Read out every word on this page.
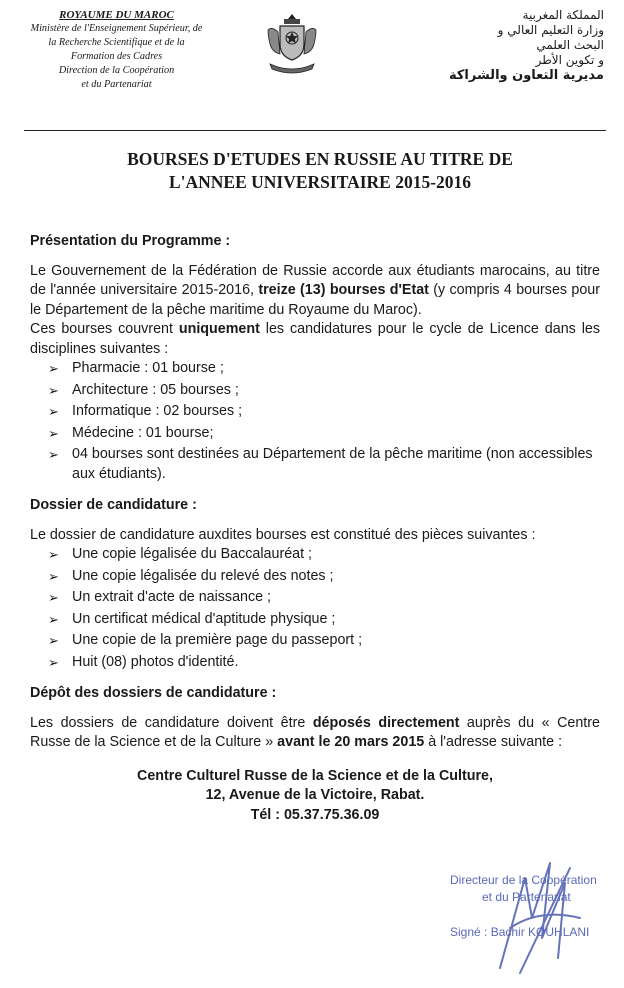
ROYAUME DU MAROC
Ministère de l'Enseignement Supérieur, de
la Recherche Scientifique et de la
Formation des Cadres
Direction de la Coopération
et du Partenariat
المملكة المغربية
وزارة التعليم العالي و
البحث العلمي
و تكوين الأطر
مديرية التعاون والشراكة
BOURSES D'ETUDES EN RUSSIE AU TITRE DE
L'ANNEE UNIVERSITAIRE 2015-2016

Présentation du Programme :

Le Gouvernement de la Fédération de Russie accorde aux étudiants marocains, au titre de l'année universitaire 2015-2016, treize (13) bourses d'Etat (y compris 4 bourses pour le Département de la pêche maritime du Royaume du Maroc).

Ces bourses couvrent uniquement les candidatures pour le cycle de Licence dans les disciplines suivantes :

➢ Pharmacie : 01 bourse ;
➢ Architecture : 05 bourses ;
➢ Informatique : 02 bourses ;
➢ Médecine : 01 bourse;
➢ 04 bourses sont destinées au Département de la pêche maritime (non accessibles aux étudiants).

Dossier de candidature :

Le dossier de candidature auxdites bourses est constitué des pièces suivantes :

➢ Une copie légalisée du Baccalauréat ;
➢ Une copie légalisée du relevé des notes ;
➢ Un extrait d'acte de naissance ;
➢ Un certificat médical d'aptitude physique ;
➢ Une copie de la première page du passeport ;
➢ Huit (08) photos d'identité.

Dépôt des dossiers de candidature :

Les dossiers de candidature doivent être déposés directement auprès du « Centre Russe de la Science et de la Culture » avant le 20 mars 2015 à l'adresse suivante :

Centre Culturel Russe de la Science et de la Culture,

12, Avenue de la Victoire, Rabat.

Tél : 05.37.75.36.09

Directeur de la Coopération
et du Partenariat
Signé : Bachir KOUHLANI
